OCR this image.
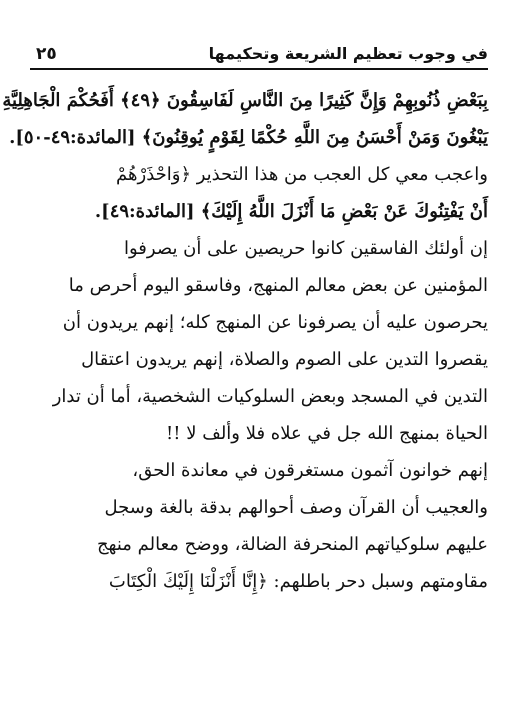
في وجوب تعظيم الشريعة وتحكيمها
٢٥
بِبَعْضِ ذُنُوبِهِمْ وَإِنَّ كَثِيرًا مِنَ النَّاسِ لَفَاسِقُونَ ﴿٤٩﴾ أَفَحُكْمَ الْجَاهِلِيَّةِ
يَبْغُونَ وَمَنْ أَحْسَنُ مِنَ اللَّهِ حُكْمًا لِقَوْمٍ يُوقِنُونَ﴾ [المائدة:٤٩-٥٠].
واعجب معي كل العجب من هذا التحذير ﴿وَاحْذَرْهُمْ
أَنْ يَفْتِنُوكَ عَنْ بَعْضِ مَا أَنْزَلَ اللَّهُ إِلَيْكَ﴾ [المائدة:٤٩].
إن أولئك الفاسقين كانوا حريصين على أن يصرفوا
المؤمنين عن بعض معالم المنهج، وفاسقو اليوم أحرص ما
يحرصون عليه أن يصرفونا عن المنهج كله؛ إنهم يريدون أن
يقصروا التدين على الصوم والصلاة، إنهم يريدون اعتقال
التدين في المسجد وبعض السلوكيات الشخصية، أما أن تدار
الحياة بمنهج الله جل في علاه فلا وألف لا !!
إنهم خوانون آثمون مستغرقون في معاندة الحق،
والعجيب أن القرآن وصف أحوالهم بدقة بالغة وسجل
عليهم سلوكياتهم المنحرفة الضالة، ووضح معالم منهج
مقاومتهم وسبل دحر باطلهم: ﴿إِنَّا أَنْزَلْنَا إِلَيْكَ الْكِتَابَ
